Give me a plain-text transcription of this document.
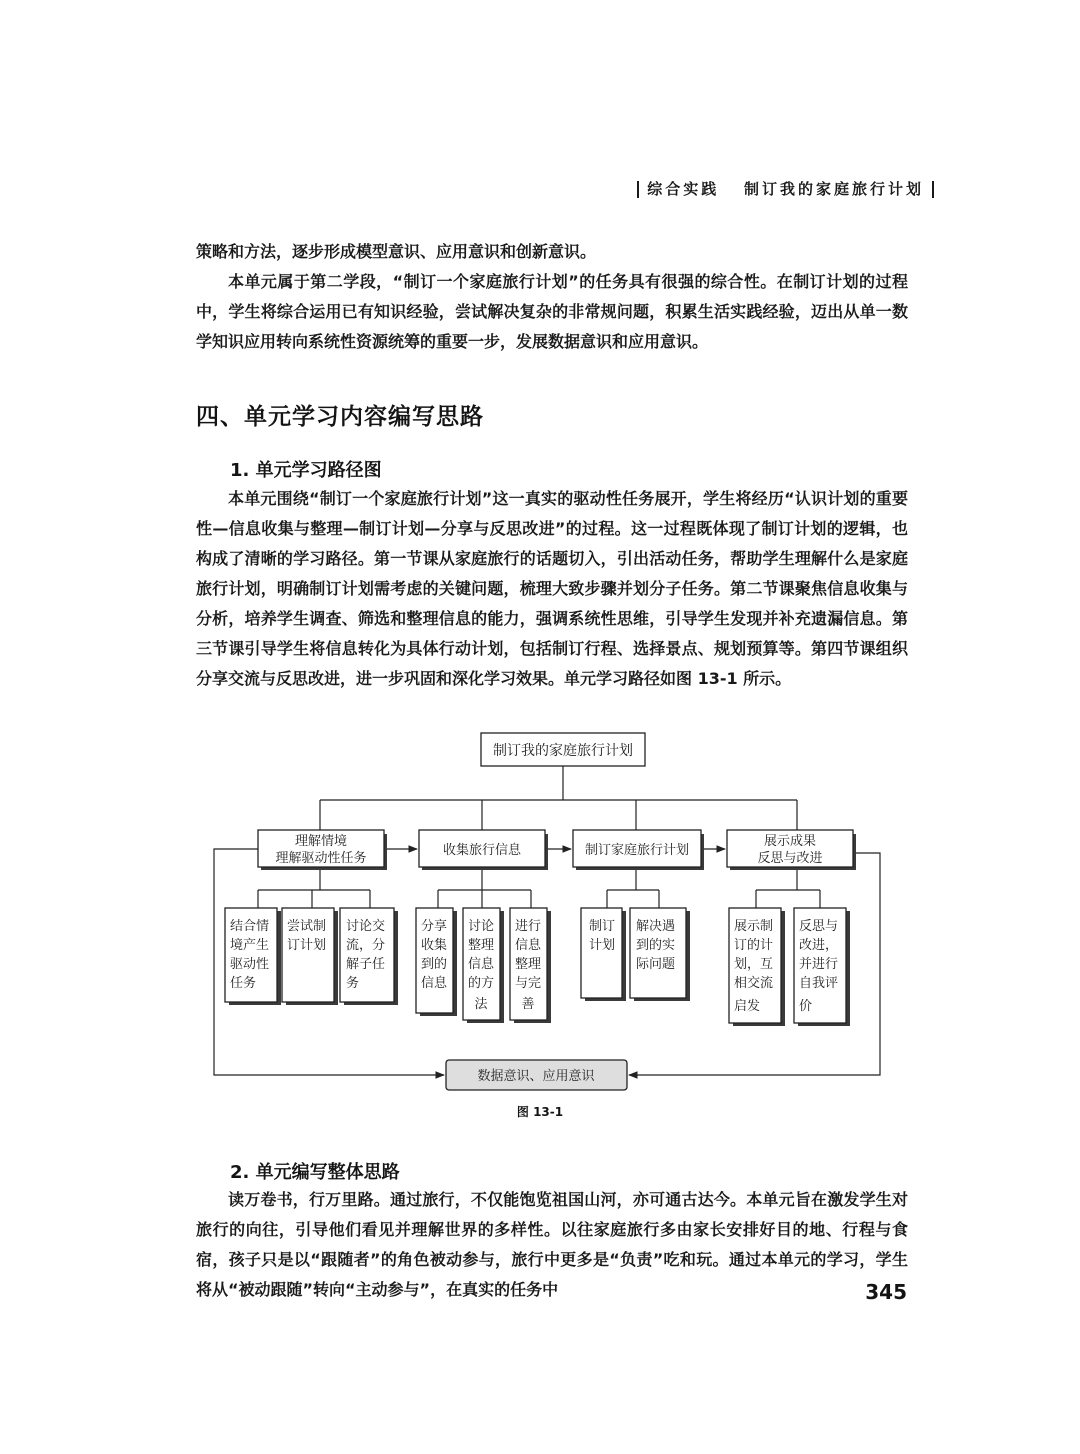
综合实践 制订我的家庭旅行计划

策略和方法，逐步形成模型意识、应用意识和创新意识。

本单元属于第二学段，“制订一个家庭旅行计划”的任务具有很强的综合性。在制订计划的过程中，学生将综合运用已有知识经验，尝试解决复杂的非常规问题，积累生活实践经验，迈出从单一数学知识应用转向系统性资源统筹的重要一步，发展数据意识和应用意识。

四、单元学习内容编写思路
1. 单元学习路径图

本单元围绕“制订一个家庭旅行计划”这一真实的驱动性任务展开，学生将经历“认识计划的重要性—信息收集与整理—制订计划—分享与反思改进”的过程。这一过程既体现了制订计划的逻辑，也构成了清晰的学习路径。第一节课从家庭旅行的话题切入，引出活动任务，帮助学生理解什么是家庭旅行计划，明确制订计划需考虑的关键问题，梳理大致步骤并划分子任务。第二节课聚焦信息收集与分析，培养学生调查、筛选和整理信息的能力，强调系统性思维，引导学生发现并补充遗漏信息。第三节课引导学生将信息转化为具体行动计划，包括制订行程、选择景点、规划预算等。第四节课组织分享交流与反思改进，进一步巩固和深化学习效果。单元学习路径如图 13-1 所示。

制订我的家庭旅行计划
理解情境
理解驱动性任务
收集旅行信息	制订家庭旅行计划
展示成果
反思与改进
结合情
境产生
驱动性
任务
尝试制
订计划
讨论交
流，分
解子任
务
分享
收集
到的
信息
讨论
整理
信息
的方
法
进行
信息
整理
与完
善
制订
计划
解决遇
到的实
际问题
展示制
订的计
划，互
相交流
启发
反思与
改进，
并进行
自我评
价
数据意识、应用意识
图 13-1
2. 单元编写整体思路

读万卷书，行万里路。通过旅行，不仅能饱览祖国山河，亦可通古达今。本单元旨在激发学生对旅行的向往，引导他们看见并理解世界的多样性。以往家庭旅行多由家长安排好目的地、行程与食宿，孩子只是以“跟随者”的角色被动参与，旅行中更多是“负责”吃和玩。通过本单元的学习，学生将从“被动跟随”转向“主动参与”，在真实的任务中	345
